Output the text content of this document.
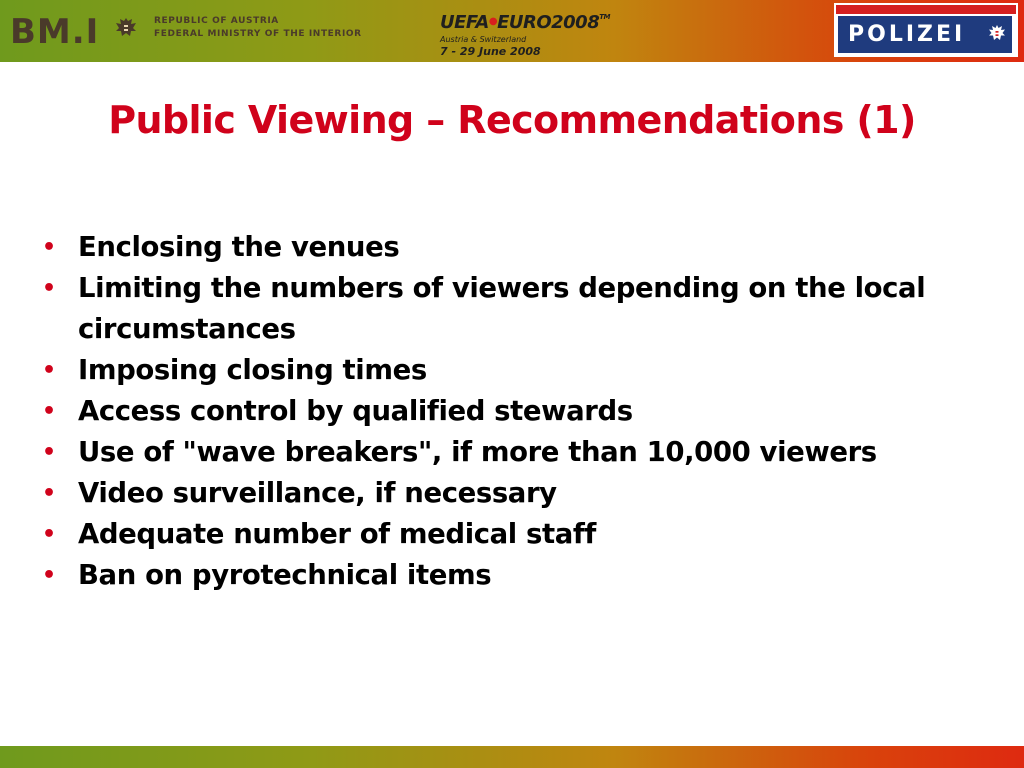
BM.I	REPUBLIC OF AUSTRIA
FEDERAL MINISTRY OF THE INTERIOR
UEFA●EURO2008™
Austria & Switzerland
7 - 29 June 2008
POLIZEI
Public Viewing – Recommendations (1)
• Enclosing the venues
• Limiting the numbers of viewers depending on the local circumstances
• Imposing closing times
• Access control by qualified stewards
• Use of "wave breakers", if more than 10,000 viewers
• Video surveillance, if necessary
• Adequate number of medical staff
• Ban on pyrotechnical items
